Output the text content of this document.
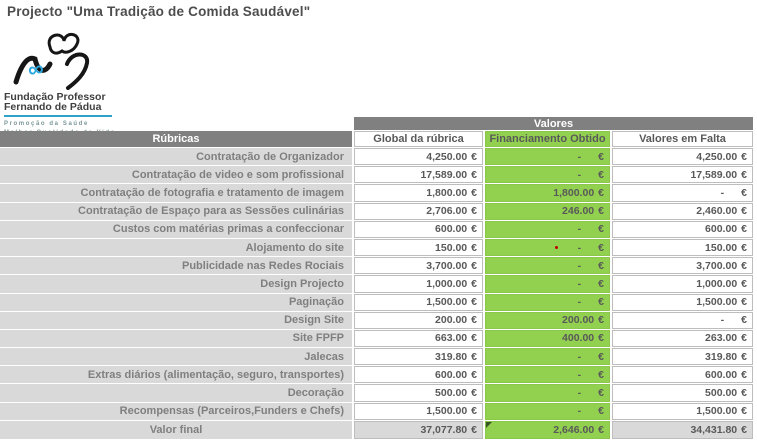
Projecto "Uma Tradição de Comida Saudável"
∞
Fundação Professor
Fernando de Pádua
Promoção da Saúde	Valores
Rúbricas	Global da rúbrica	Financiamento Obtido	Valores em Falta
Contratação de Organizador	4,250.00 €	- €	4,250.00 €
Contratação de video e som profissional	17,589.00 €	- €	17,589.00 €
Contratação de fotografia e tratamento de imagem	1,800.00 €	1,800.00 €	- €
Contratação de Espaço para as Sessões culinárias	2,706.00 €	246.00 €	2,460.00 €
Custos com matérias primas a confeccionar	600.00 €	- €	600.00 €
Alojamento do site	150.00 €	- €	150.00 €
Publicidade nas Redes Rociais	3,700.00 €	- €	3,700.00 €
Design Projecto	1,000.00 €	- €	1,000.00 €
Paginação	1,500.00 €	- €	1,500.00 €
Design Site	200.00 €	200.00 €	- €
Site FPFP	663.00 €	400.00 €	263.00 €
Jalecas	319.80 €	- €	319.80 €
Extras diários (alimentação, seguro, transportes)	600.00 €	- €	600.00 €
Decoração	500.00 €	- €	500.00 €
Recompensas (Parceiros,Funders e Chefs)	1,500.00 €	- €	1,500.00 €
Valor final	37,077.80 €	2,646.00 €	34,431.80 €
